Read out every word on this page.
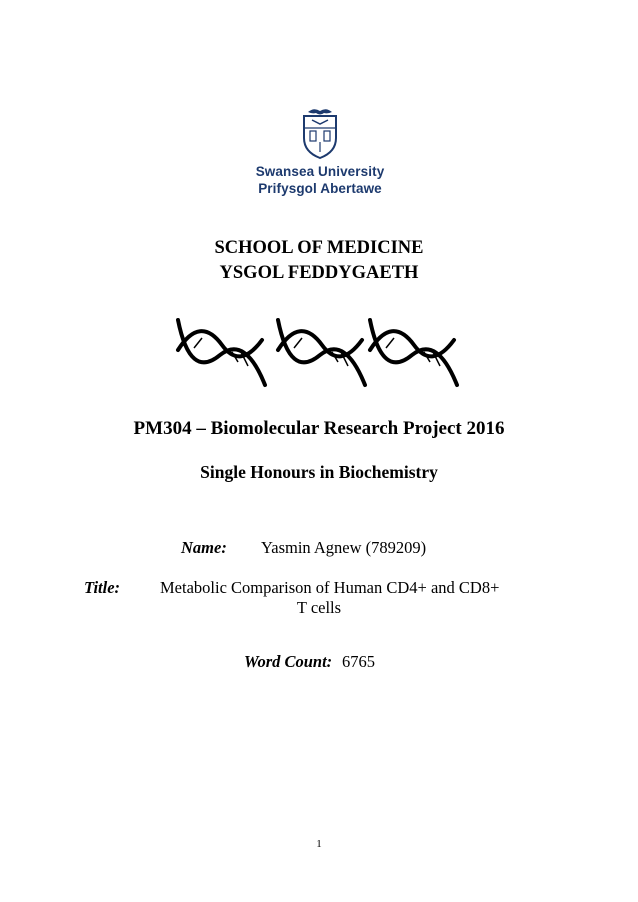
Swansea University
Prifysgol Abertawe
SCHOOL OF MEDICINE
YSGOL FEDDYGAETH
PM304 – Biomolecular Research Project 2016
Single Honours in Biochemistry
Name: Yasmin Agnew (789209)
Title: Metabolic Comparison of Human CD4+ and CD8+
T cells
Word Count: 6765
1
